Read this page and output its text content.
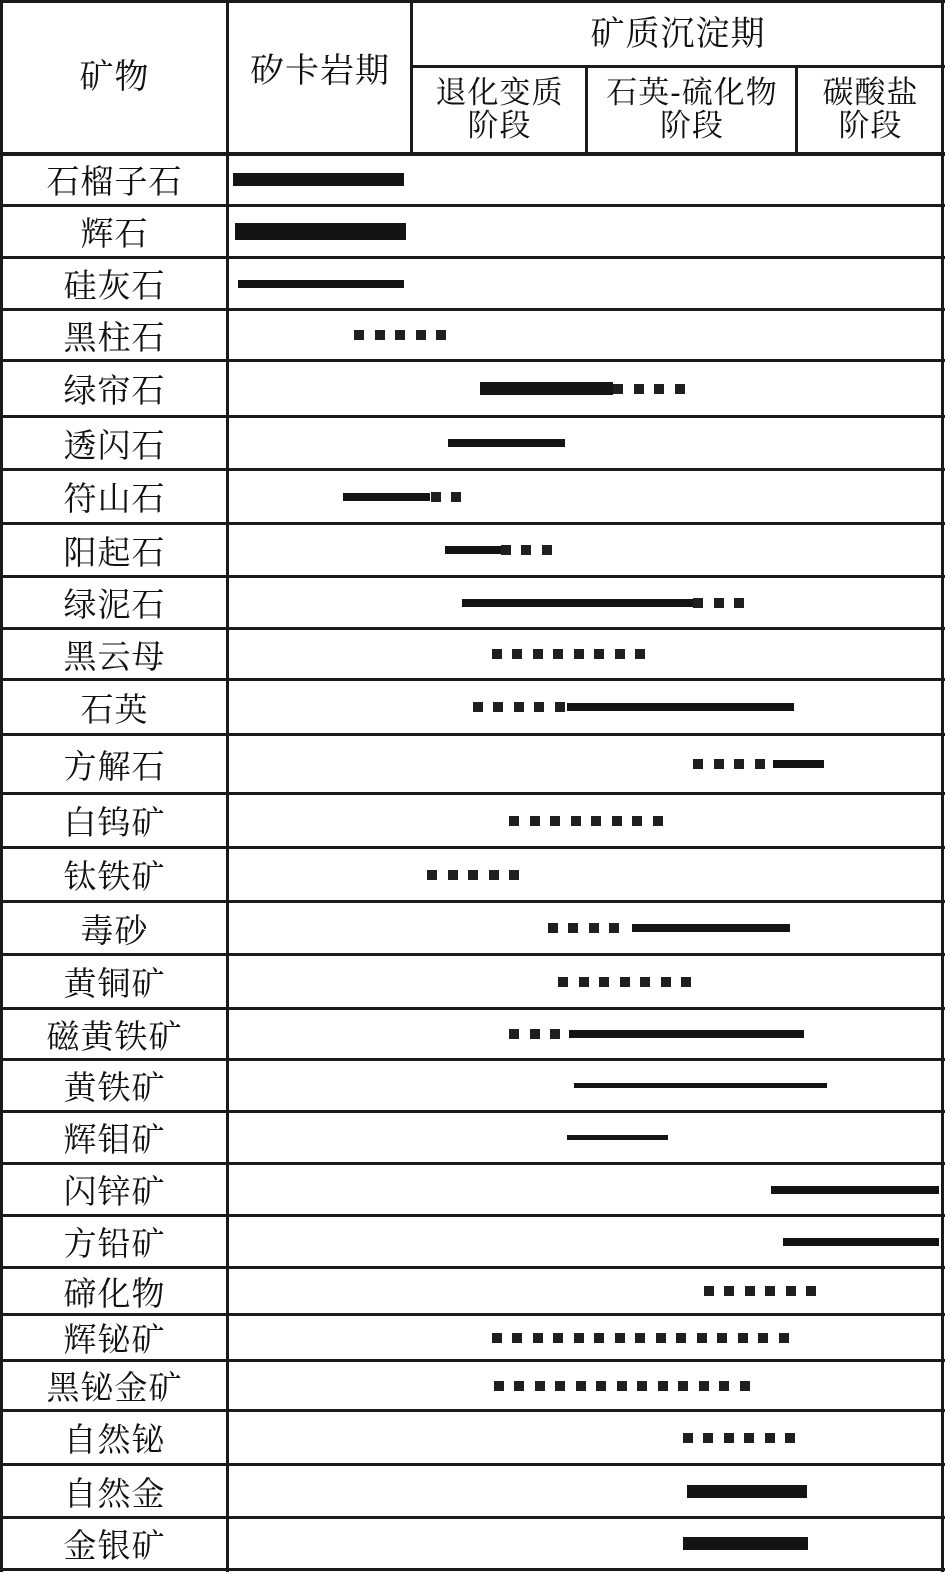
矿物	矽卡岩期
矿质沉淀期
退化变质
阶段
石英-硫化物
阶段
碳酸盐
阶段
石榴子石
辉石
硅灰石
黑柱石
绿帘石
透闪石
符山石
阳起石
绿泥石
黑云母
石英
方解石
白钨矿
钛铁矿
毒砂
黄铜矿
磁黄铁矿
黄铁矿
辉钼矿
闪锌矿
方铅矿
碲化物
辉铋矿
黑铋金矿
自然铋
自然金
金银矿
